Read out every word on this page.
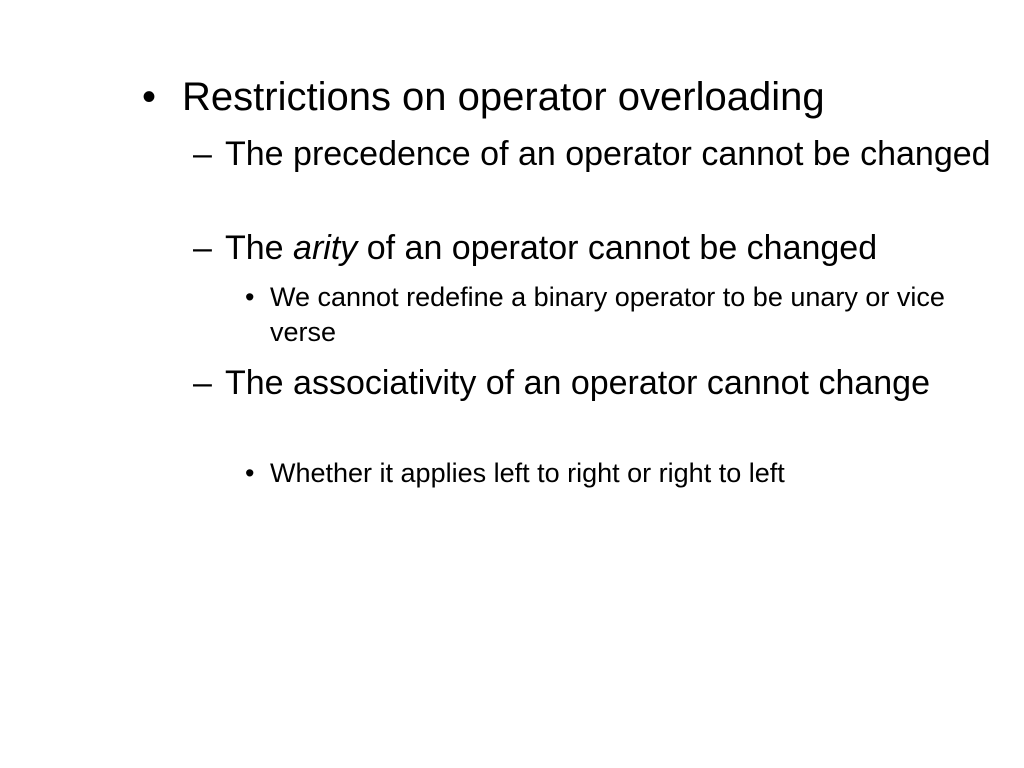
• Restrictions on operator overloading
– The precedence of an operator cannot be changed
– The arity of an operator cannot be changed
• We cannot redefine a binary operator to be unary or vice verse
– The associativity of an operator cannot change
• Whether it applies left to right or right to left
